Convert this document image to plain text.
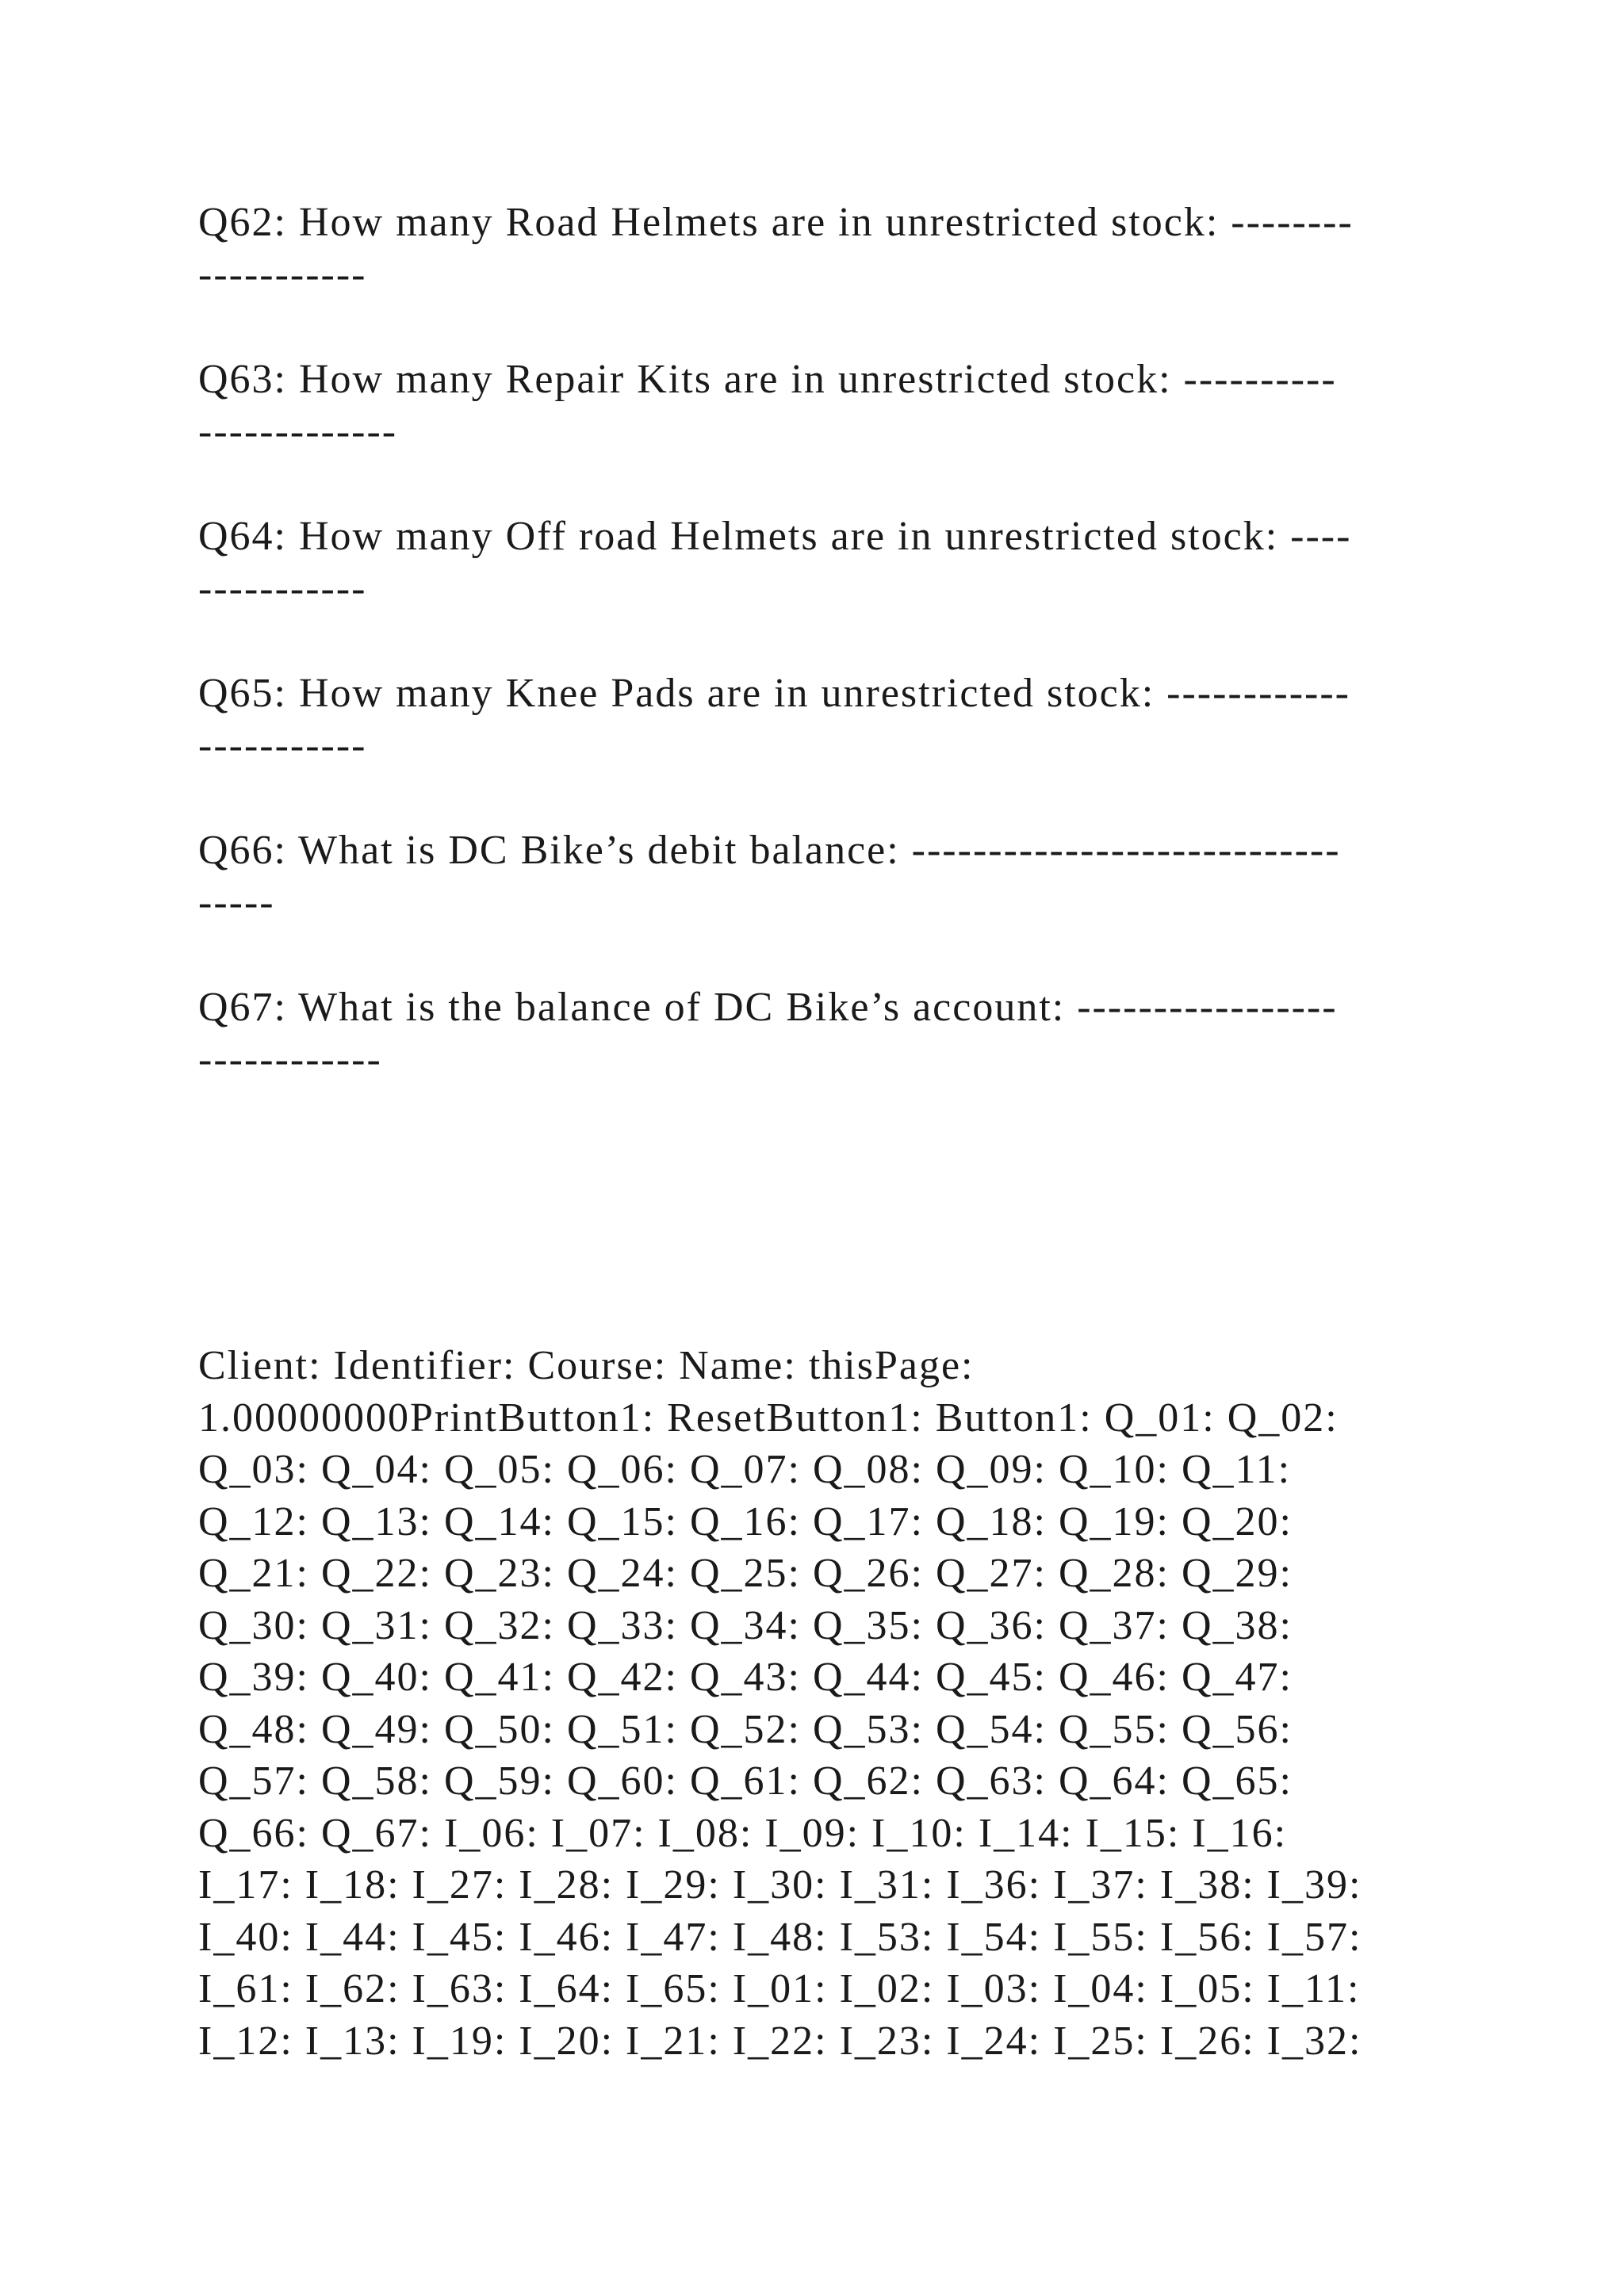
Q62: How many Road Helmets are in unrestricted stock: --------
-----------
Q63: How many Repair Kits are in unrestricted stock: ----------
-------------
Q64: How many Off road Helmets are in unrestricted stock: ----
-----------
Q65: How many Knee Pads are in unrestricted stock: ------------
-----------
Q66: What is DC Bike’s debit balance: ----------------------------
-----
Q67: What is the balance of DC Bike’s account: -----------------
------------
Client: Identifier: Course: Name: thisPage:
1.00000000PrintButton1: ResetButton1: Button1: Q_01: Q_02:
Q_03: Q_04: Q_05: Q_06: Q_07: Q_08: Q_09: Q_10: Q_11:
Q_12: Q_13: Q_14: Q_15: Q_16: Q_17: Q_18: Q_19: Q_20:
Q_21: Q_22: Q_23: Q_24: Q_25: Q_26: Q_27: Q_28: Q_29:
Q_30: Q_31: Q_32: Q_33: Q_34: Q_35: Q_36: Q_37: Q_38:
Q_39: Q_40: Q_41: Q_42: Q_43: Q_44: Q_45: Q_46: Q_47:
Q_48: Q_49: Q_50: Q_51: Q_52: Q_53: Q_54: Q_55: Q_56:
Q_57: Q_58: Q_59: Q_60: Q_61: Q_62: Q_63: Q_64: Q_65:
Q_66: Q_67: I_06: I_07: I_08: I_09: I_10: I_14: I_15: I_16:
I_17: I_18: I_27: I_28: I_29: I_30: I_31: I_36: I_37: I_38: I_39:
I_40: I_44: I_45: I_46: I_47: I_48: I_53: I_54: I_55: I_56: I_57:
I_61: I_62: I_63: I_64: I_65: I_01: I_02: I_03: I_04: I_05: I_11:
I_12: I_13: I_19: I_20: I_21: I_22: I_23: I_24: I_25: I_26: I_32:
